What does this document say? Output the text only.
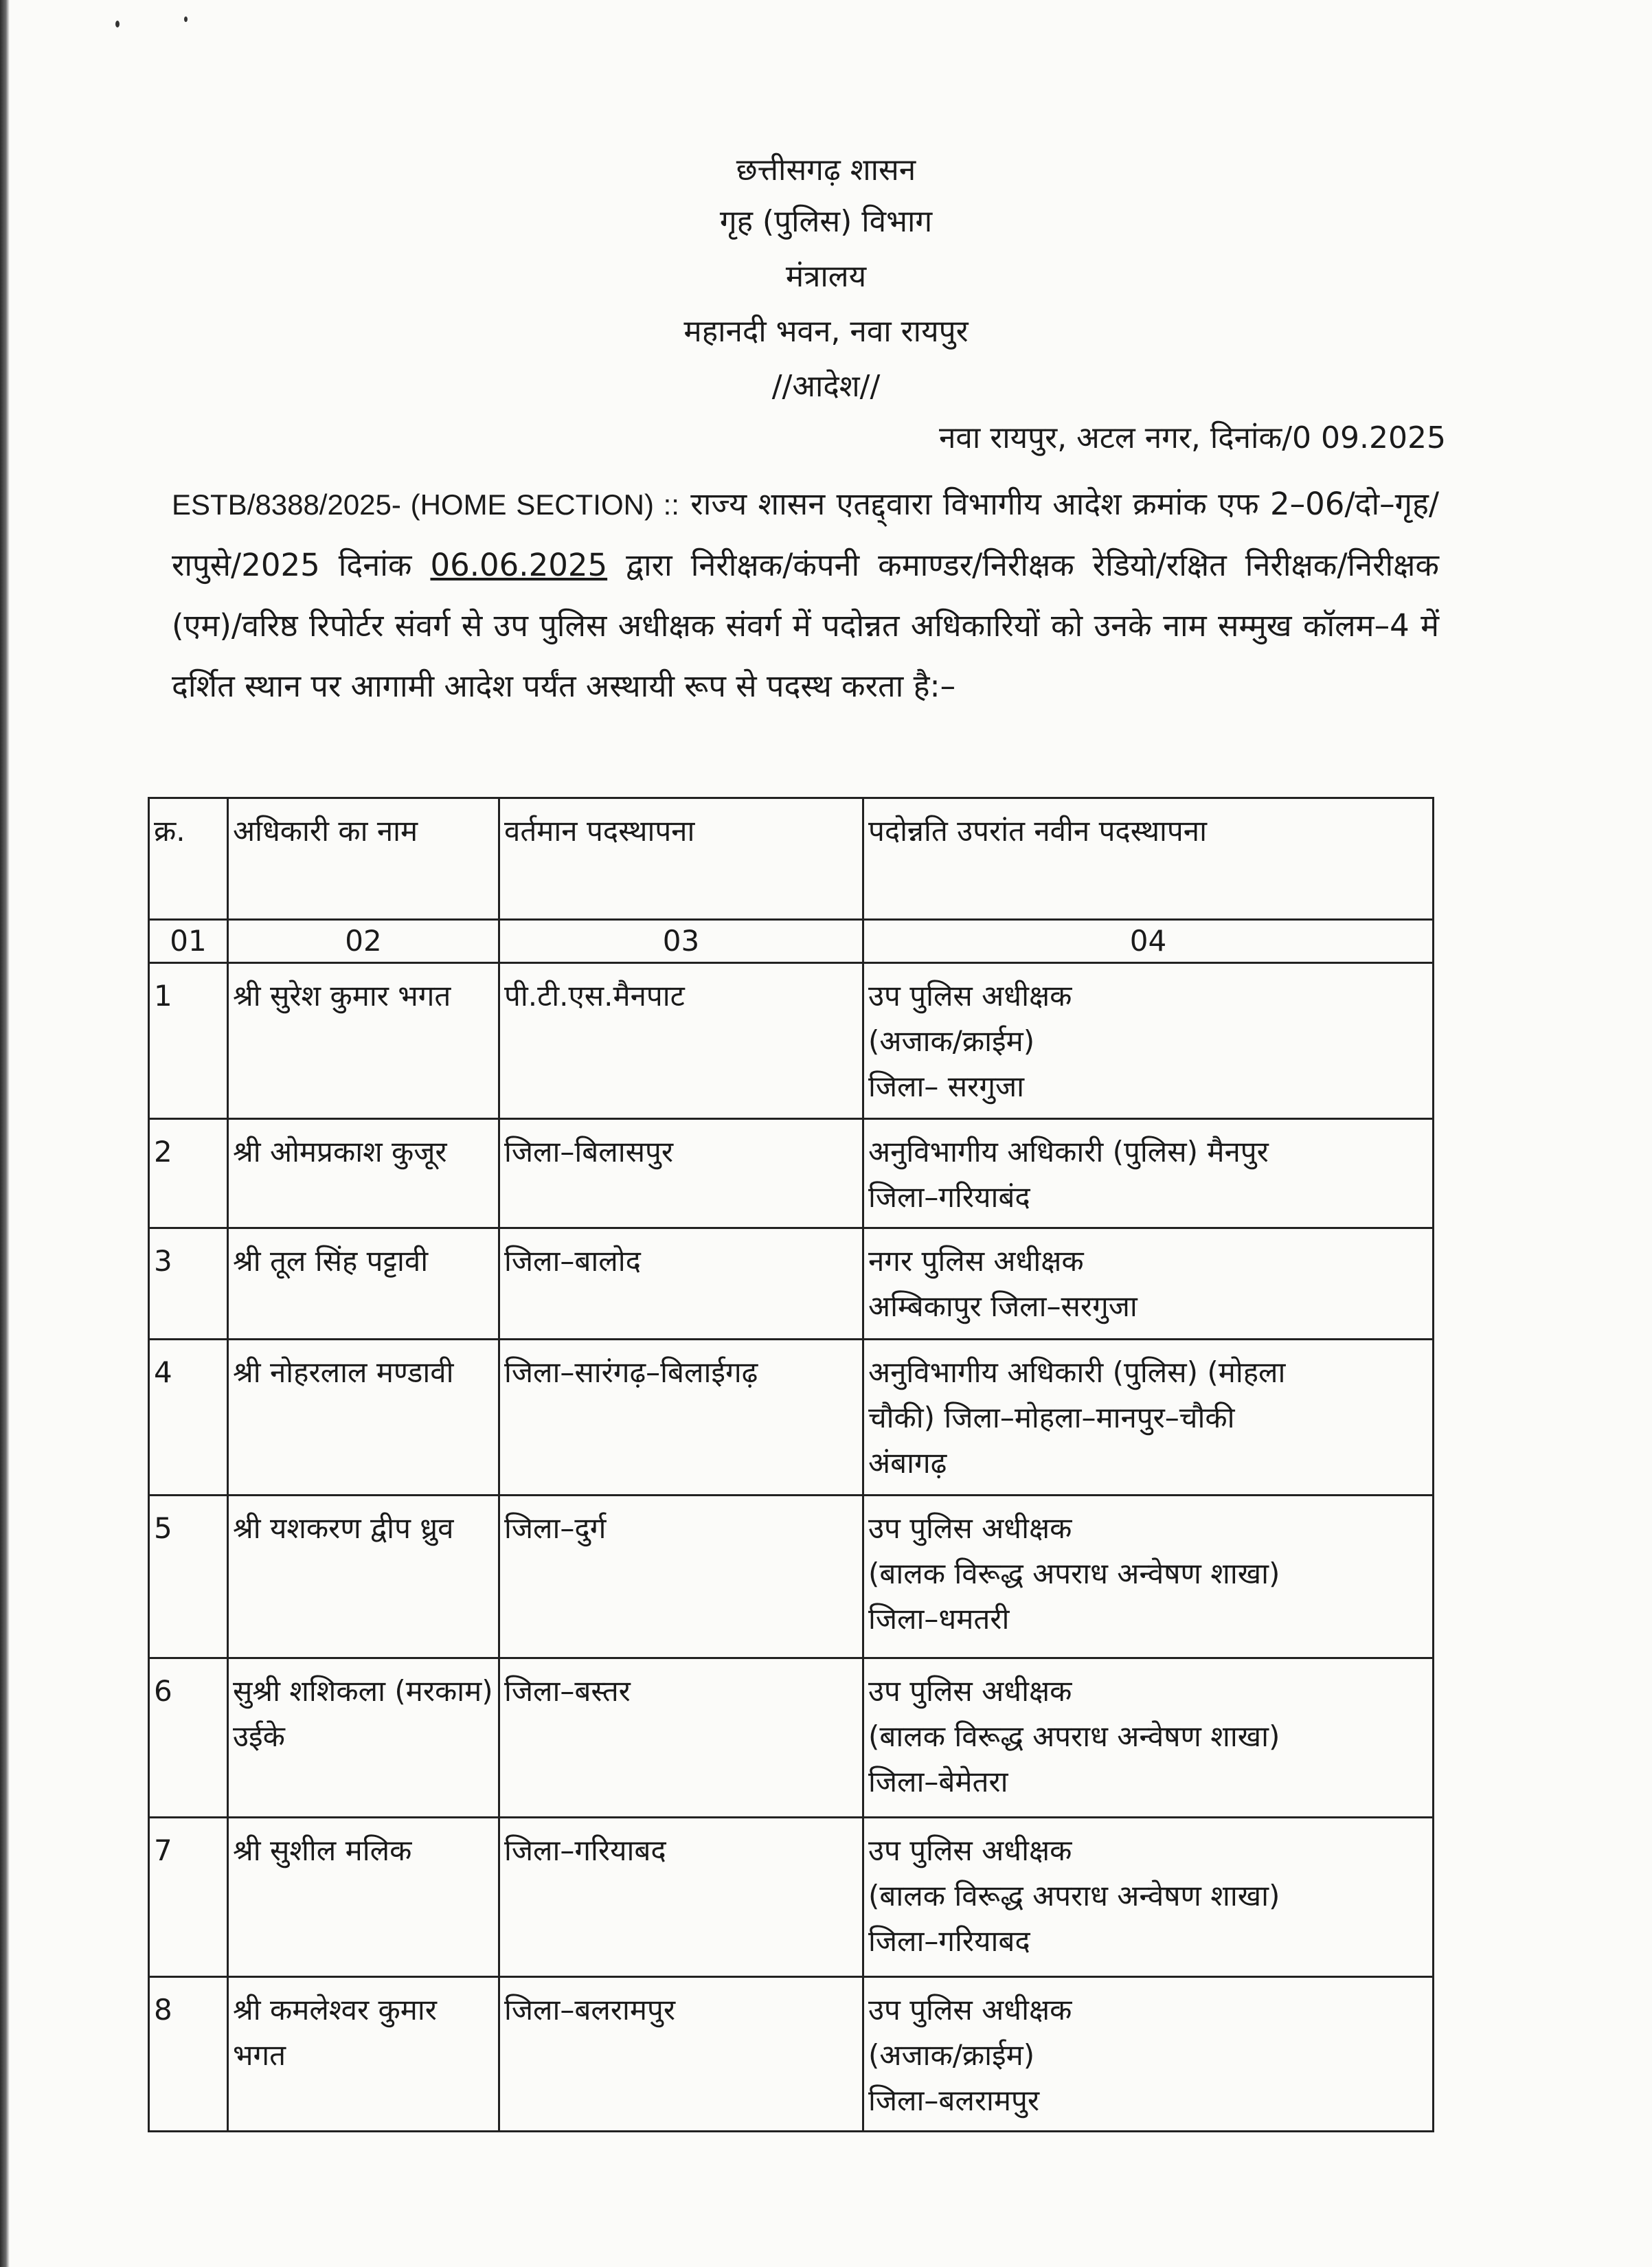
छत्तीसगढ़ शासन
गृह (पुलिस) विभाग
मंत्रालय
महानदी भवन, नवा रायपुर
//आदेश//
नवा रायपुर, अटल नगर, दिनांक/0 09.2025
ESTB/8388/2025- (HOME SECTION) :: राज्य शासन एतद्द्वारा विभागीय आदेश क्रमांक एफ 2–06/दो–गृह/रापुसे/2025 दिनांक 06.06.2025 द्वारा निरीक्षक/कंपनी कमाण्डर/निरीक्षक रेडियो/रक्षित निरीक्षक/निरीक्षक (एम)/वरिष्ठ रिपोर्टर संवर्ग से उप पुलिस अधीक्षक संवर्ग में पदोन्नत अधिकारियों को उनके नाम सम्मुख कॉलम–4 में दर्शित स्थान पर आगामी आदेश पर्यंत अस्थायी रूप से पदस्थ करता है:–
क्र.	अधिकारी का नाम	वर्तमान पदस्थापना	पदोन्नति उपरांत नवीन पदस्थापना
01	02	03	04
1	श्री सुरेश कुमार भगत	पी.टी.एस.मैनपाट	उप पुलिस अधीक्षक
(अजाक/क्राईम)
जिला– सरगुजा

2	श्री ओमप्रकाश कुजूर	जिला–बिलासपुर	अनुविभागीय अधिकारी (पुलिस) मैनपुर
जिला–गरियाबंद

3	श्री तूल सिंह पट्टावी	जिला–बालोद	नगर पुलिस अधीक्षक
अम्बिकापुर जिला–सरगुजा

4	श्री नोहरलाल मण्डावी	जिला–सारंगढ़–बिलाईगढ़	अनुविभागीय अधिकारी (पुलिस) (मोहला
चौकी) जिला–मोहला–मानपुर–चौकी
अंबागढ़

5	श्री यशकरण द्वीप ध्रुव	जिला–दुर्ग	उप पुलिस अधीक्षक
(बालक विरूद्ध अपराध अन्वेषण शाखा)
जिला–धमतरी

6	सुश्री शशिकला (मरकाम) उईके	जिला–बस्तर	उप पुलिस अधीक्षक
(बालक विरूद्ध अपराध अन्वेषण शाखा)
जिला–बेमेतरा

7	श्री सुशील मलिक	जिला–गरियाबद	उप पुलिस अधीक्षक
(बालक विरूद्ध अपराध अन्वेषण शाखा)
जिला–गरियाबद

8	श्री कमलेश्वर कुमार भगत	जिला–बलरामपुर	उप पुलिस अधीक्षक
(अजाक/क्राईम)
जिला–बलरामपुर
